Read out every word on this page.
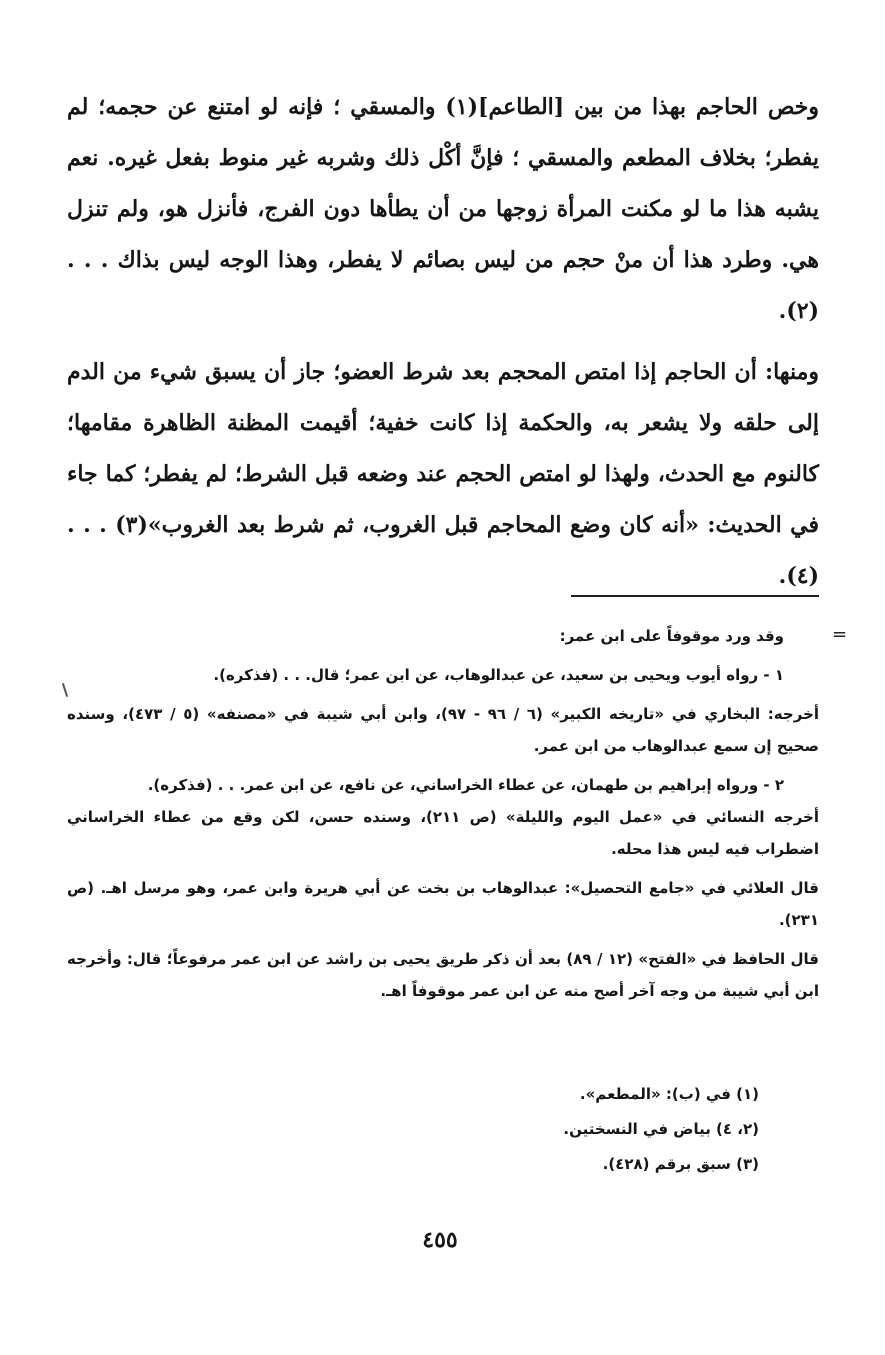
وخص الحاجم بهذا من بين [الطاعم](١) والمسقي ؛ فإنه لو امتنع عن حجمه؛ لم يفطر؛ بخلاف المطعم والمسقي ؛ فإنَّ أكْل ذلك وشربه غير منوط بفعل غيره. نعم يشبه هذا ما لو مكنت المرأة زوجها من أن يطأها دون الفرج، فأنزل هو، ولم تنزل هي. وطرد هذا أن منْ حجم من ليس بصائم لا يفطر، وهذا الوجه ليس بذاك . . .(٢).

ومنها: أن الحاجم إذا امتص المحجم بعد شرط العضو؛ جاز أن يسبق شيء من الدم إلى حلقه ولا يشعر به، والحكمة إذا كانت خفية؛ أقيمت المظنة الظاهرة مقامها؛ كالنوم مع الحدث، ولهذا لو امتص الحجم عند وضعه قبل الشرط؛ لم يفطر؛ كما جاء في الحديث: «أنه كان وضع المحاجم قبل الغروب، ثم شرط بعد الغروب»(٣) . . .(٤).

=

وقد ورد موقوفاً على ابن عمر:

١ - رواه أيوب ويحيى بن سعيد، عن عبدالوهاب، عن ابن عمر؛ قال. . . (فذكره).

أخرجه: البخاري في «تاريخه الكبير» (٦ / ٩٦ - ٩٧)، وابن أبي شيبة في «مصنفه» (٥ / ٤٧٣)، وسنده صحيح إن سمع عبدالوهاب من ابن عمر.

٢ - ورواه إبراهيم بن طهمان، عن عطاء الخراساني، عن نافع، عن ابن عمر. . . (فذكره).

أخرجه النسائي في «عمل اليوم والليلة» (ص ٢١١)، وسنده حسن، لكن وقع من عطاء الخراساني اضطراب فيه ليس هذا محله.

قال العلائي في «جامع التحصيل»: عبدالوهاب بن بخت عن أبي هريرة وابن عمر، وهو مرسل اهـ. (ص ٢٣١).

قال الحافظ في «الفتح» (١٢ / ٨٩) بعد أن ذكر طريق يحيى بن راشد عن ابن عمر مرفوعاً؛ قال: وأخرجه ابن أبي شيبة من وجه آخر أصح منه عن ابن عمر موقوفاً اهـ.

(١) في (ب): «المطعم».

(٢، ٤) بياض في النسختين.

(٣) سبق برقم (٤٢٨).

٤٥٥
